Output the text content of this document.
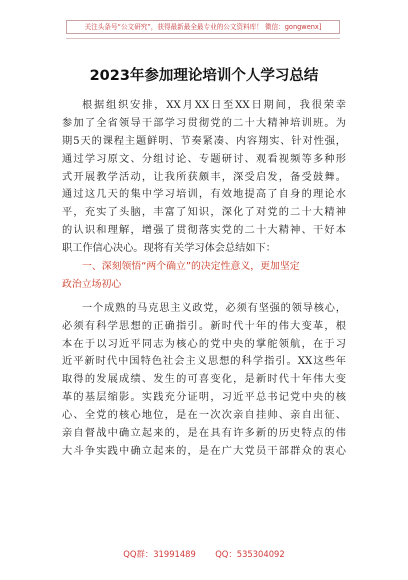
关注头条号“公文研究”，获得最新最全最专业的公文资料库！ 微信：gongwenx]
2023年参加理论培训个人学习总结
根据组织安排，XX月XX日至XX日期间，我很荣幸
参加了全省领导干部学习贯彻党的二十大精神培训班。为
期5天的课程主题鲜明、节奏紧凑、内容翔实、针对性强，
通过学习原文、分组讨论、专题研讨、观看视频等多种形
式开展教学活动，让我所获颇丰，深受启发，备受鼓舞。
通过这几天的集中学习培训，有效地提高了自身的理论水
平，充实了头脑，丰富了知识，深化了对党的二十大精神
的认识和理解，增强了贯彻落实党的二十大精神、干好本
职工作信心决心。现将有关学习体会总结如下：
一、深刻领悟“两个确立”的决定性意义，更加坚定
政治立场初心
一个成熟的马克思主义政党，必须有坚强的领导核心，
必须有科学思想的正确指引。新时代十年的伟大变革，根
本在于以习近平同志为核心的党中央的掌舵领航，在于习
近平新时代中国特色社会主义思想的科学指引。XX这些年
取得的发展成绩、发生的可喜变化，是新时代十年伟大变
革的基层缩影。实践充分证明，习近平总书记党中央的核
心、全党的核心地位，是在一次次亲自挂帅、亲自出征、
亲自督战中确立起来的，是在具有许多新的历史特点的伟
大斗争实践中确立起来的，是在广大党员干部群众的衷心
QQ群：31991489 QQ：535304092
